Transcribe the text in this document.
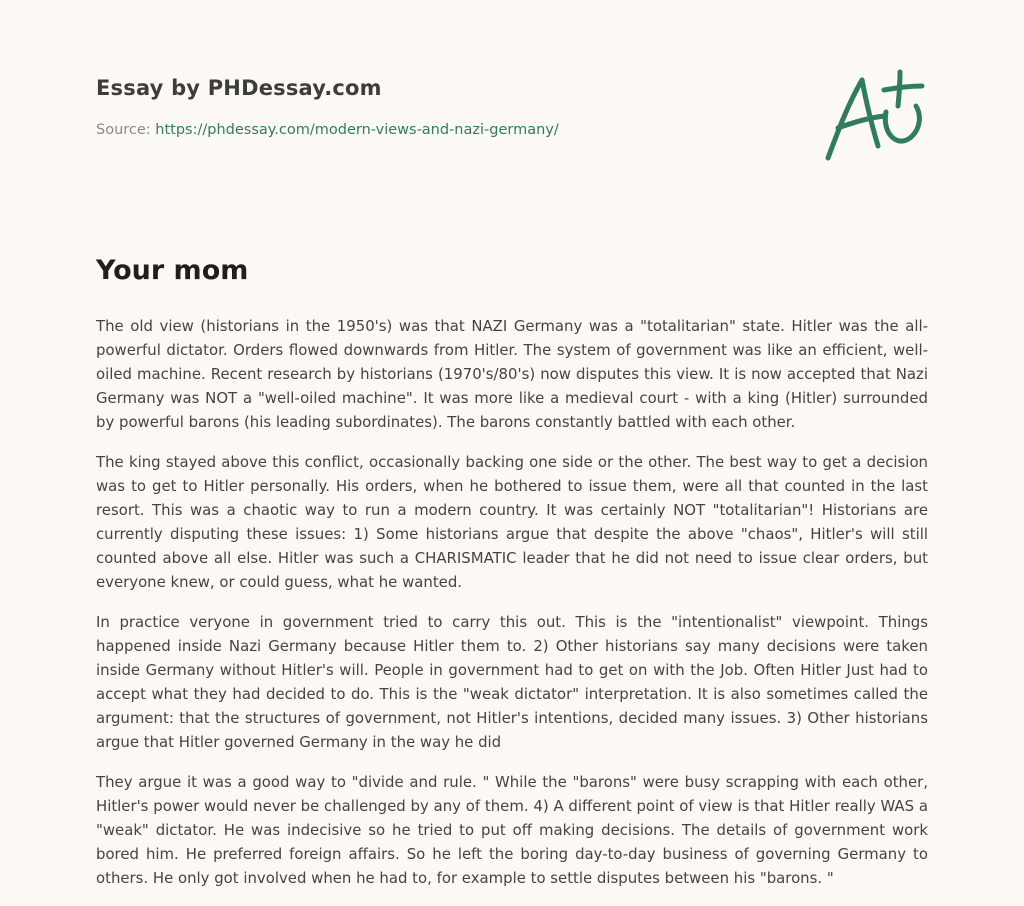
Essay by PHDessay.com
Source: https://phdessay.com/modern-views-and-nazi-germany/
Your mom

The old view (historians in the 1950's) was that NAZI Germany was a "totalitarian" state. Hitler was the all-powerful dictator. Orders flowed downwards from Hitler. The system of government was like an efficient, well-oiled machine. Recent research by historians (1970's/80's) now disputes this view. It is now accepted that Nazi Germany was NOT a "well-oiled machine". It was more like a medieval court - with a king (Hitler) surrounded by powerful barons (his leading subordinates). The barons constantly battled with each other.

The king stayed above this conflict, occasionally backing one side or the other. The best way to get a decision was to get to Hitler personally. His orders, when he bothered to issue them, were all that counted in the last resort. This was a chaotic way to run a modern country. It was certainly NOT "totalitarian"! Historians are currently disputing these issues: 1) Some historians argue that despite the above "chaos", Hitler's will still counted above all else. Hitler was such a CHARISMATIC leader that he did not need to issue clear orders, but everyone knew, or could guess, what he wanted.

In practice veryone in government tried to carry this out. This is the "intentionalist" viewpoint. Things happened inside Nazi Germany because Hitler them to. 2) Other historians say many decisions were taken inside Germany without Hitler's will. People in government had to get on with the Job. Often Hitler Just had to accept what they had decided to do. This is the "weak dictator" interpretation. It is also sometimes called the argument: that the structures of government, not Hitler's intentions, decided many issues. 3) Other historians argue that Hitler governed Germany in the way he did

They argue it was a good way to "divide and rule. " While the "barons" were busy scrapping with each other, Hitler's power would never be challenged by any of them. 4) A different point of view is that Hitler really WAS a "weak" dictator. He was indecisive so he tried to put off making decisions. The details of government work bored him. He preferred foreign affairs. So he left the boring day-to-day business of governing Germany to others. He only got involved when he had to, for example to settle disputes between his "barons. "
